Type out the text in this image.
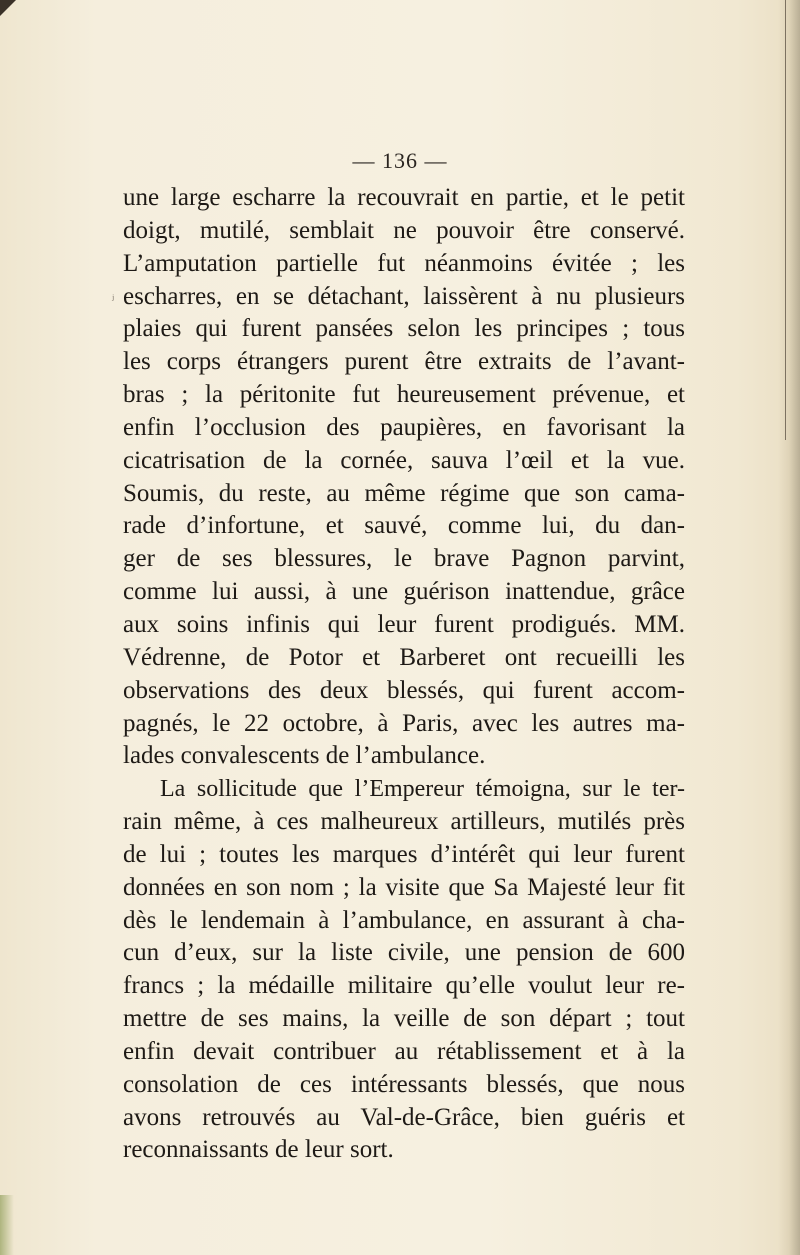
ʲ
— 136 —
une large escharre la recouvrait en partie, et le petit
doigt, mutilé, semblait ne pouvoir être conservé.
L’amputation partielle fut néanmoins évitée ; les
escharres, en se détachant, laissèrent à nu plusieurs
plaies qui furent pansées selon les principes ; tous
les corps étrangers purent être extraits de l’avant-
bras ; la péritonite fut heureusement prévenue, et
enfin l’occlusion des paupières, en favorisant la
cicatrisation de la cornée, sauva l’œil et la vue.
Soumis, du reste, au même régime que son cama-
rade d’infortune, et sauvé, comme lui, du dan-
ger de ses blessures, le brave Pagnon parvint,
comme lui aussi, à une guérison inattendue, grâce
aux soins infinis qui leur furent prodigués. MM.
Védrenne, de Potor et Barberet ont recueilli les
observations des deux blessés, qui furent accom-
pagnés, le 22 octobre, à Paris, avec les autres ma-
lades convalescents de l’ambulance.
La sollicitude que l’Empereur témoigna, sur le ter-
rain même, à ces malheureux artilleurs, mutilés près
de lui ; toutes les marques d’intérêt qui leur furent
données en son nom ; la visite que Sa Majesté leur fit
dès le lendemain à l’ambulance, en assurant à cha-
cun d’eux, sur la liste civile, une pension de 600
francs ; la médaille militaire qu’elle voulut leur re-
mettre de ses mains, la veille de son départ ; tout
enfin devait contribuer au rétablissement et à la
consolation de ces intéressants blessés, que nous
avons retrouvés au Val-de-Grâce, bien guéris et
reconnaissants de leur sort.
